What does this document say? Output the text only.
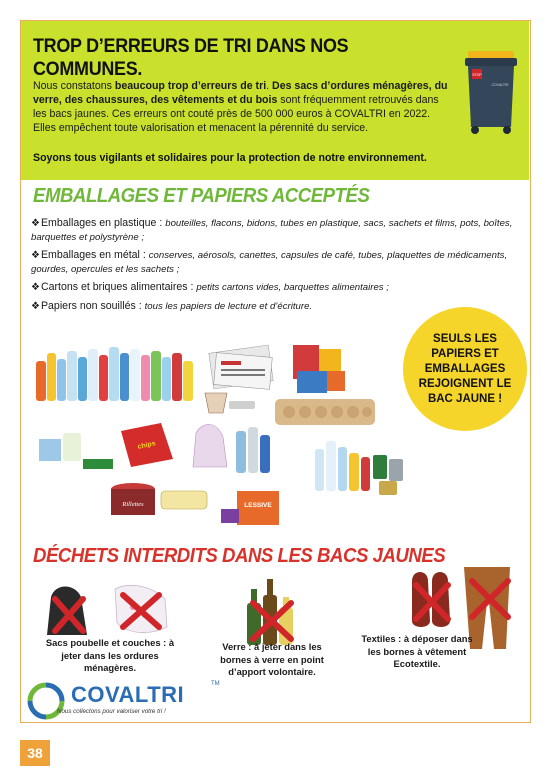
TROP D’ERREURS DE TRI DANS NOS COMMUNES.

Nous constatons beaucoup trop d’erreurs de tri. Des sacs d’ordures ménagères, du verre, des chaussures, des vêtements et du bois sont fréquemment retrouvés dans les bacs jaunes. Ces erreurs ont couté près de 500 000 euros à COVALTRI en 2022. Elles empêchent toute valorisation et menacent la pérennité du service.

Soyons tous vigilants et solidaires pour la protection de notre environnement.

STOP
COVALTRI
EMBALLAGES ET PAPIERS ACCEPTÉS
❖Emballages en plastique : bouteilles, flacons, bidons, tubes en plastique, sacs, sachets et films, pots, boîtes, barquettes et polystyrène ;
❖Emballages en métal : conserves, aérosols, canettes, capsules de café, tubes, plaquettes de médicaments, gourdes, opercules et les sachets ;
❖Cartons et briques alimentaires : petits cartons vides, barquettes alimentaires ;
❖Papiers non souillés : tous les papiers de lecture et d’écriture.
chips
Rillettes	LESSIVE
SEULS LES PAPIERS ET EMBALLAGES REJOIGNENT LE BAC JAUNE !
DÉCHETS INTERDITS DANS LES BACS JAUNES
Sacs poubelle et couches : à jeter dans les ordures ménagères.
Verre : à jeter dans les bornes à verre en point d’apport volontaire.
Textiles : à déposer dans les bornes à vêtement Ecotextile.
COVALTRI	TM
Nous collectons pour valoriser votre tri !
38
